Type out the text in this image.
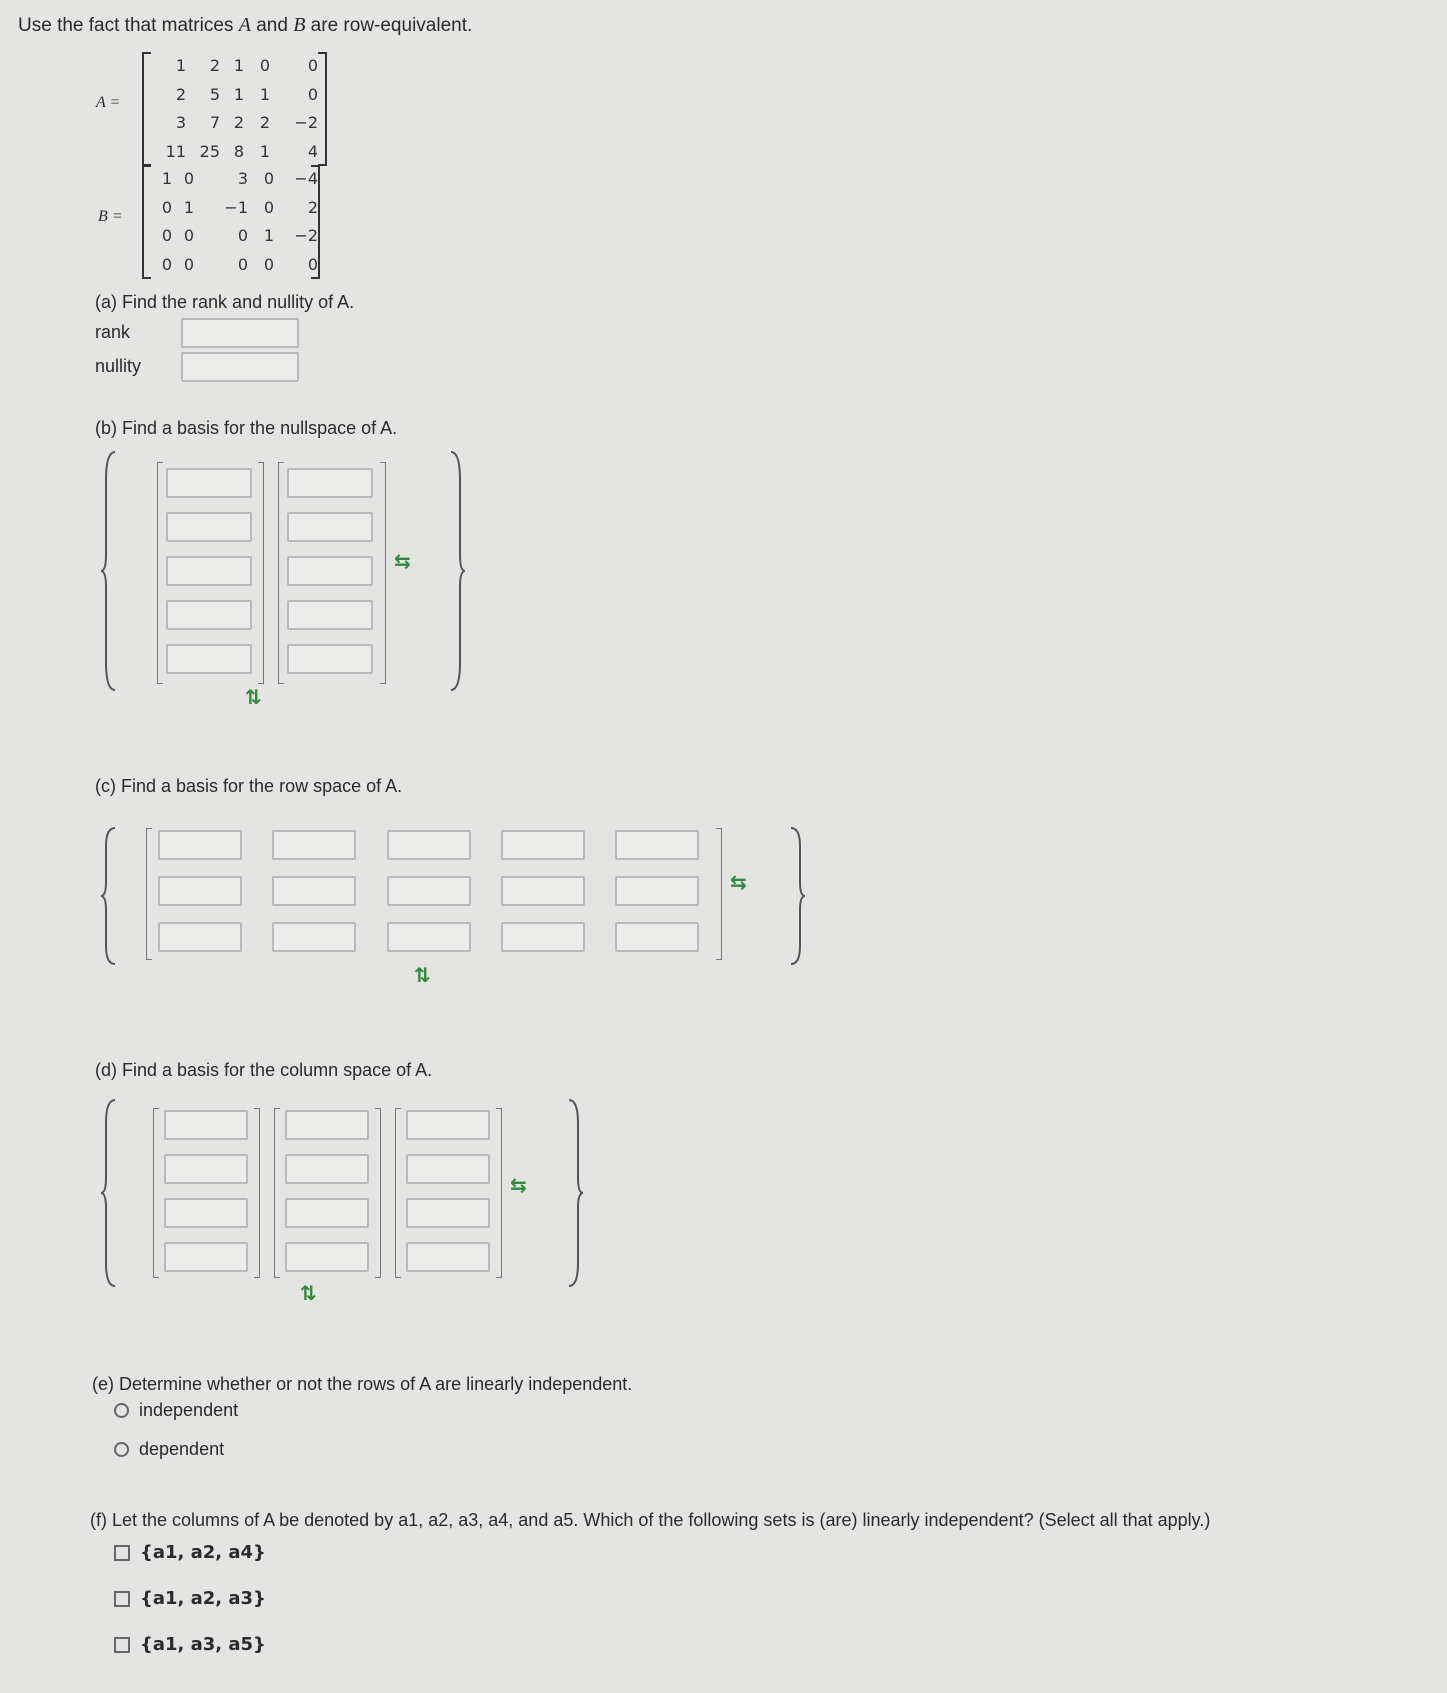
Use the fact that matrices A and B are row-equivalent.
A =
1	2 1 0	0
2	5 1 1	0
3	7 2 2	−2
11 25 8 1	4
B =
1 0	3 0	−4
0 1	−1 0	2
0 0	0 1	−2
0 0	0 0	0
(a) Find the rank and nullity of A.
rank
nullity
(b) Find a basis for the nullspace of A.
⇆
⇅
(c) Find a basis for the row space of A.
⇆
⇅
(d) Find a basis for the column space of A.
⇆
⇅
(e) Determine whether or not the rows of A are linearly independent.
independent
dependent
(f) Let the columns of A be denoted by a1, a2, a3, a4, and a5. Which of the following sets is (are) linearly independent? (Select all that apply.)
{a1, a2, a4}
{a1, a2, a3}
{a1, a3, a5}
